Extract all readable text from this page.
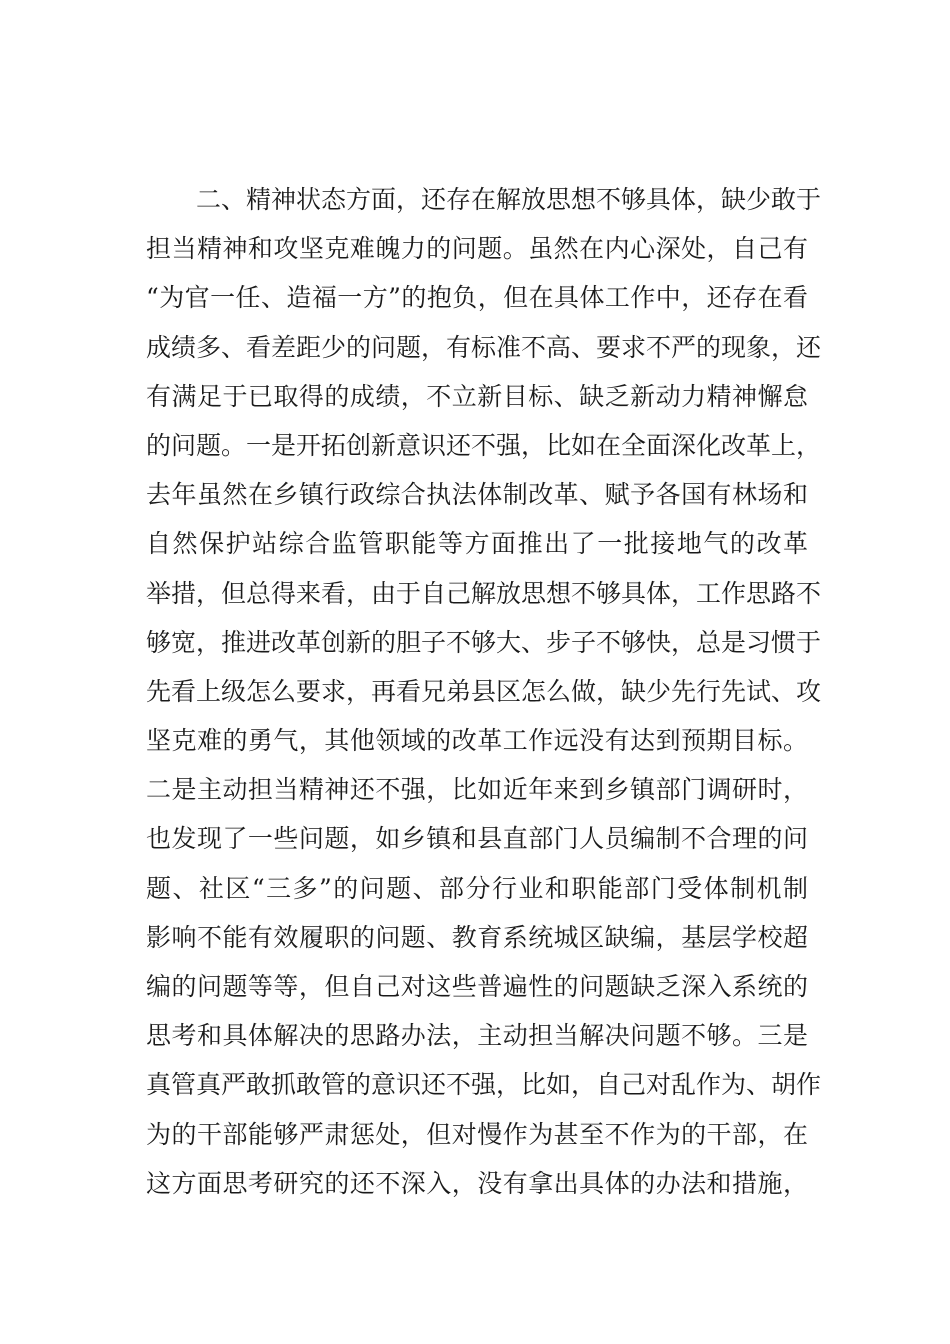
二、精神状态方面，还存在解放思想不够具体，缺少敢于
担当精神和攻坚克难魄力的问题。虽然在内心深处，自己有
“为官一任、造福一方”的抱负，但在具体工作中，还存在看
成绩多、看差距少的问题，有标准不高、要求不严的现象，还
有满足于已取得的成绩，不立新目标、缺乏新动力精神懈怠
的问题。一是开拓创新意识还不强，比如在全面深化改革上，
去年虽然在乡镇行政综合执法体制改革、赋予各国有林场和
自然保护站综合监管职能等方面推出了一批接地气的改革
举措，但总得来看，由于自己解放思想不够具体，工作思路不
够宽，推进改革创新的胆子不够大、步子不够快，总是习惯于
先看上级怎么要求，再看兄弟县区怎么做，缺少先行先试、攻
坚克难的勇气，其他领域的改革工作远没有达到预期目标。
二是主动担当精神还不强，比如近年来到乡镇部门调研时，
也发现了一些问题，如乡镇和县直部门人员编制不合理的问
题、社区“三多”的问题、部分行业和职能部门受体制机制
影响不能有效履职的问题、教育系统城区缺编，基层学校超
编的问题等等，但自己对这些普遍性的问题缺乏深入系统的
思考和具体解决的思路办法，主动担当解决问题不够。三是
真管真严敢抓敢管的意识还不强，比如，自己对乱作为、胡作
为的干部能够严肃惩处，但对慢作为甚至不作为的干部，在
这方面思考研究的还不深入，没有拿出具体的办法和措施，
